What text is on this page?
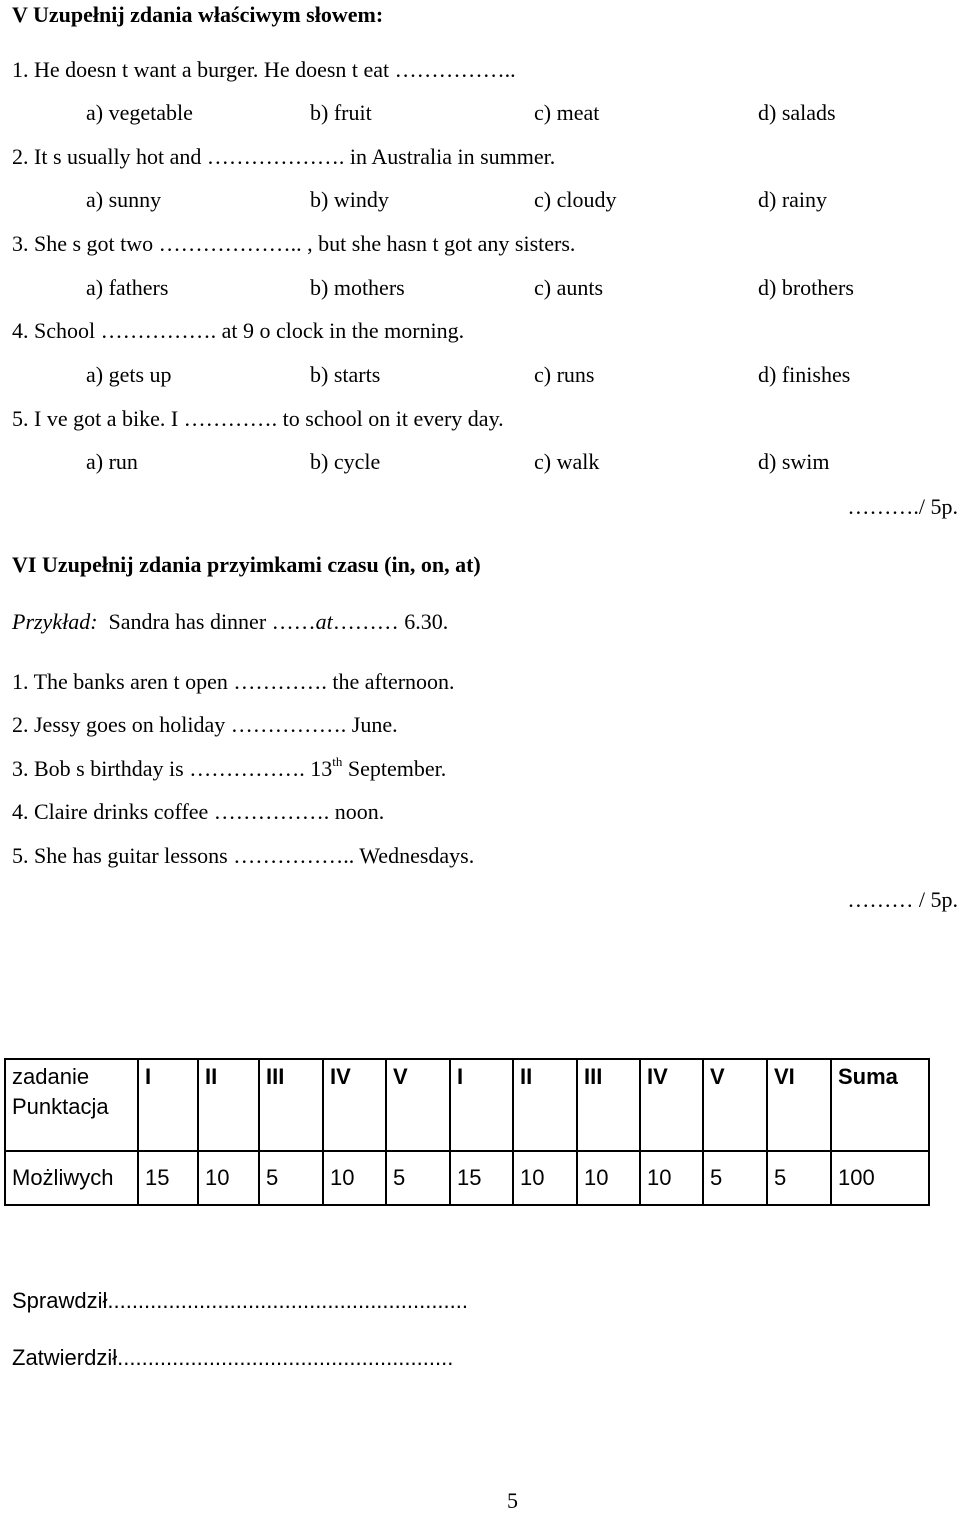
V Uzupełnij zdania właściwym słowem:
1. He doesn t want a burger. He doesn t eat ……………..
a) vegetable	b) fruit	c) meat	d) salads
2. It s usually hot and ………………. in Australia in summer.
a) sunny	b) windy	c) cloudy	d) rainy
3. She s got two ……………….. , but she hasn t got any sisters.
a) fathers	b) mothers	c) aunts	d) brothers
4. School ……………. at 9 o clock in the morning.
a) gets up	b) starts	c) runs	d) finishes
5. I ve got a bike. I …………. to school on it every day.
a) run	b) cycle	c) walk	d) swim
………./ 5p.
VI Uzupełnij zdania przyimkami czasu (in, on, at)
Przykład: Sandra has dinner ……at……… 6.30.
1. The banks aren t open …………. the afternoon.
2. Jessy goes on holiday ……………. June.
3. Bob s birthday is ……………. 13th September.
4. Claire drinks coffee ……………. noon.
5. She has guitar lessons …………….. Wednesdays.
……… / 5p.
zadanie
Punktacja	I	II	III	IV	V	I	II	III	IV	V	VI	Suma
Możliwych	15	10	5	10	5	15	10	10	10	5	5	100
Sprawdził...........................................................
Zatwierdził.......................................................
5
